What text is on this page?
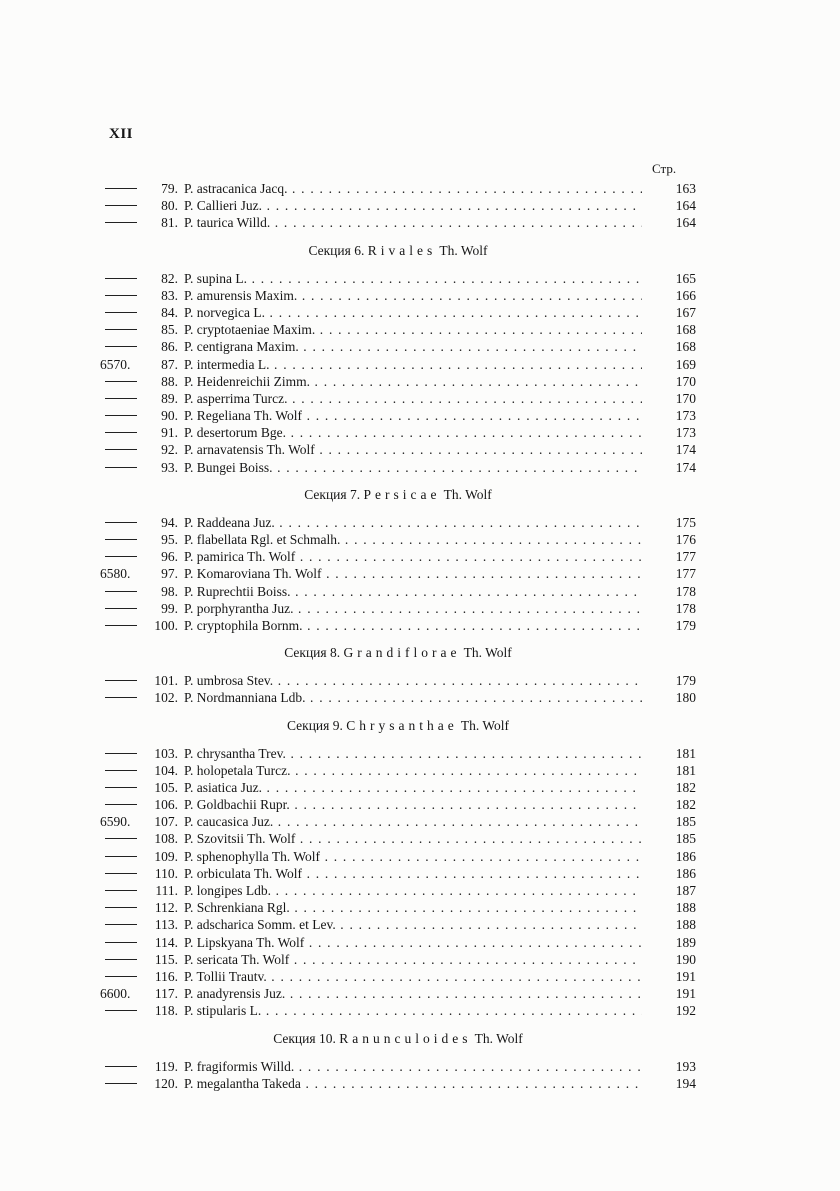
XII
Стр.
79. P. astracanica Jacq. . . .	163
80. P. Callieri Juz. . . .	164
81. P. taurica Willd. . . .	164
Секция 6. Rivales Th. Wolf
82. P. supina L. . . .	165
83. P. amurensis Maxim. . . .	166
84. P. norvegica L. . . .	167
85. P. cryptotaeniae Maxim. . . .	168
86. P. centigrana Maxim. . . .	168
6570.	87. P. intermedia L. . . .	169
88. P. Heidenreichii Zimm. . . .	170
89. P. asperrima Turcz. . . .	170
90. P. Regeliana Th. Wolf . . .	173
91. P. desertorum Bge. . . .	173
92. P. arnavatensis Th. Wolf . . .	174
93. P. Bungei Boiss. . . .	174
Секция 7. Persicae Th. Wolf
94. P. Raddeana Juz. . . .	175
95. P. flabellata Rgl. et Schmalh. . . .	176
96. P. pamirica Th. Wolf . . .	177
6580.	97. P. Komaroviana Th. Wolf . . .	177
98. P. Ruprechtii Boiss. . . .	178
99. P. porphyrantha Juz. . . .	178
100. P. cryptophila Bornm. . . .	179
Секция 8. Grandiflorae Th. Wolf
101. P. umbrosa Stev. . . .	179
102. P. Nordmanniana Ldb. . . .	180
Секция 9. Chrysanthae Th. Wolf
103. P. chrysantha Trev. . . .	181
104. P. holopetala Turcz. . . .	181
105. P. asiatica Juz. . . .	182
106. P. Goldbachii Rupr. . . .	182
6590.	107. P. caucasica Juz. . . .	185
108. P. Szovitsii Th. Wolf . . .	185
109. P. sphenophylla Th. Wolf . . .	186
110. P. orbiculata Th. Wolf . . .	186
111. P. longipes Ldb. . . .	187
112. P. Schrenkiana Rgl. . . .	188
113. P. adscharica Somm. et Lev. . . .	188
114. P. Lipskyana Th. Wolf . . .	189
115. P. sericata Th. Wolf . . .	190
116. P. Tollii Trautv. . . .	191
6600.	117. P. anadyrensis Juz. . . .	191
118. P. stipularis L. . . .	192
Секция 10. Ranunculoides Th. Wolf
119. P. fragiformis Willd. . . .	193
120. P. megalantha Takeda . . .	194
